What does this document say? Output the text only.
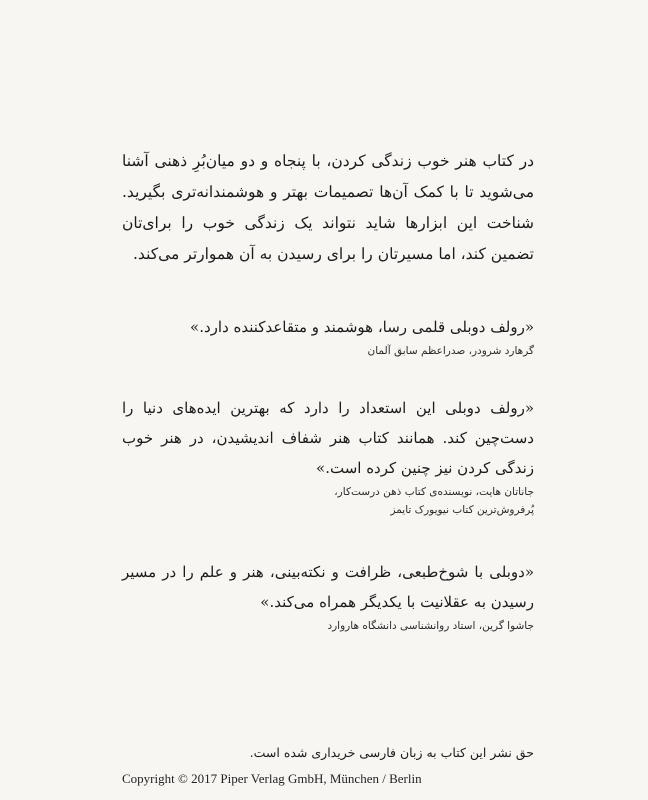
در کتاب هنر خوب زندگی کردن، با پنجاه و دو میان‌بُرِ ذهنی آشنا
می‌شوید تا با کمک آن‌ها تصمیمات بهتر و هوشمندانه‌تری بگیرید.
شناخت این ابزارها شاید نتواند یک زندگی خوب را برای‌تان
تضمین کند، اما مسیرتان را برای رسیدن به آن هموارتر می‌کند.
«رولف دوبلی قلمی رسا، هوشمند و متقاعدکننده دارد.»
گرهارد شرودر، صدراعظم سابق آلمان
«رولف دوبلی این استعداد را دارد که بهترین ایده‌های دنیا را
دست‌چین کند. همانند کتاب هنر شفاف اندیشیدن، در هنر خوب
زندگی کردن نیز چنین کرده است.»
جاناتان هایت، نویسنده‌ی کتاب ذهن درست‌کار،
پُرفروش‌ترین کتاب نیویورک تایمز
«دوبلی با شوخ‌طبعی، ظرافت و نکته‌بینی، هنر و علم را در مسیر
رسیدن به عقلانیت با یکدیگر همراه می‌کند.»
جاشوا گرین، استاد روانشناسی دانشگاه هاروارد
حق نشر این کتاب به زبان فارسی خریداری شده است.
Copyright © 2017 Piper Verlag GmbH, München / Berlin
